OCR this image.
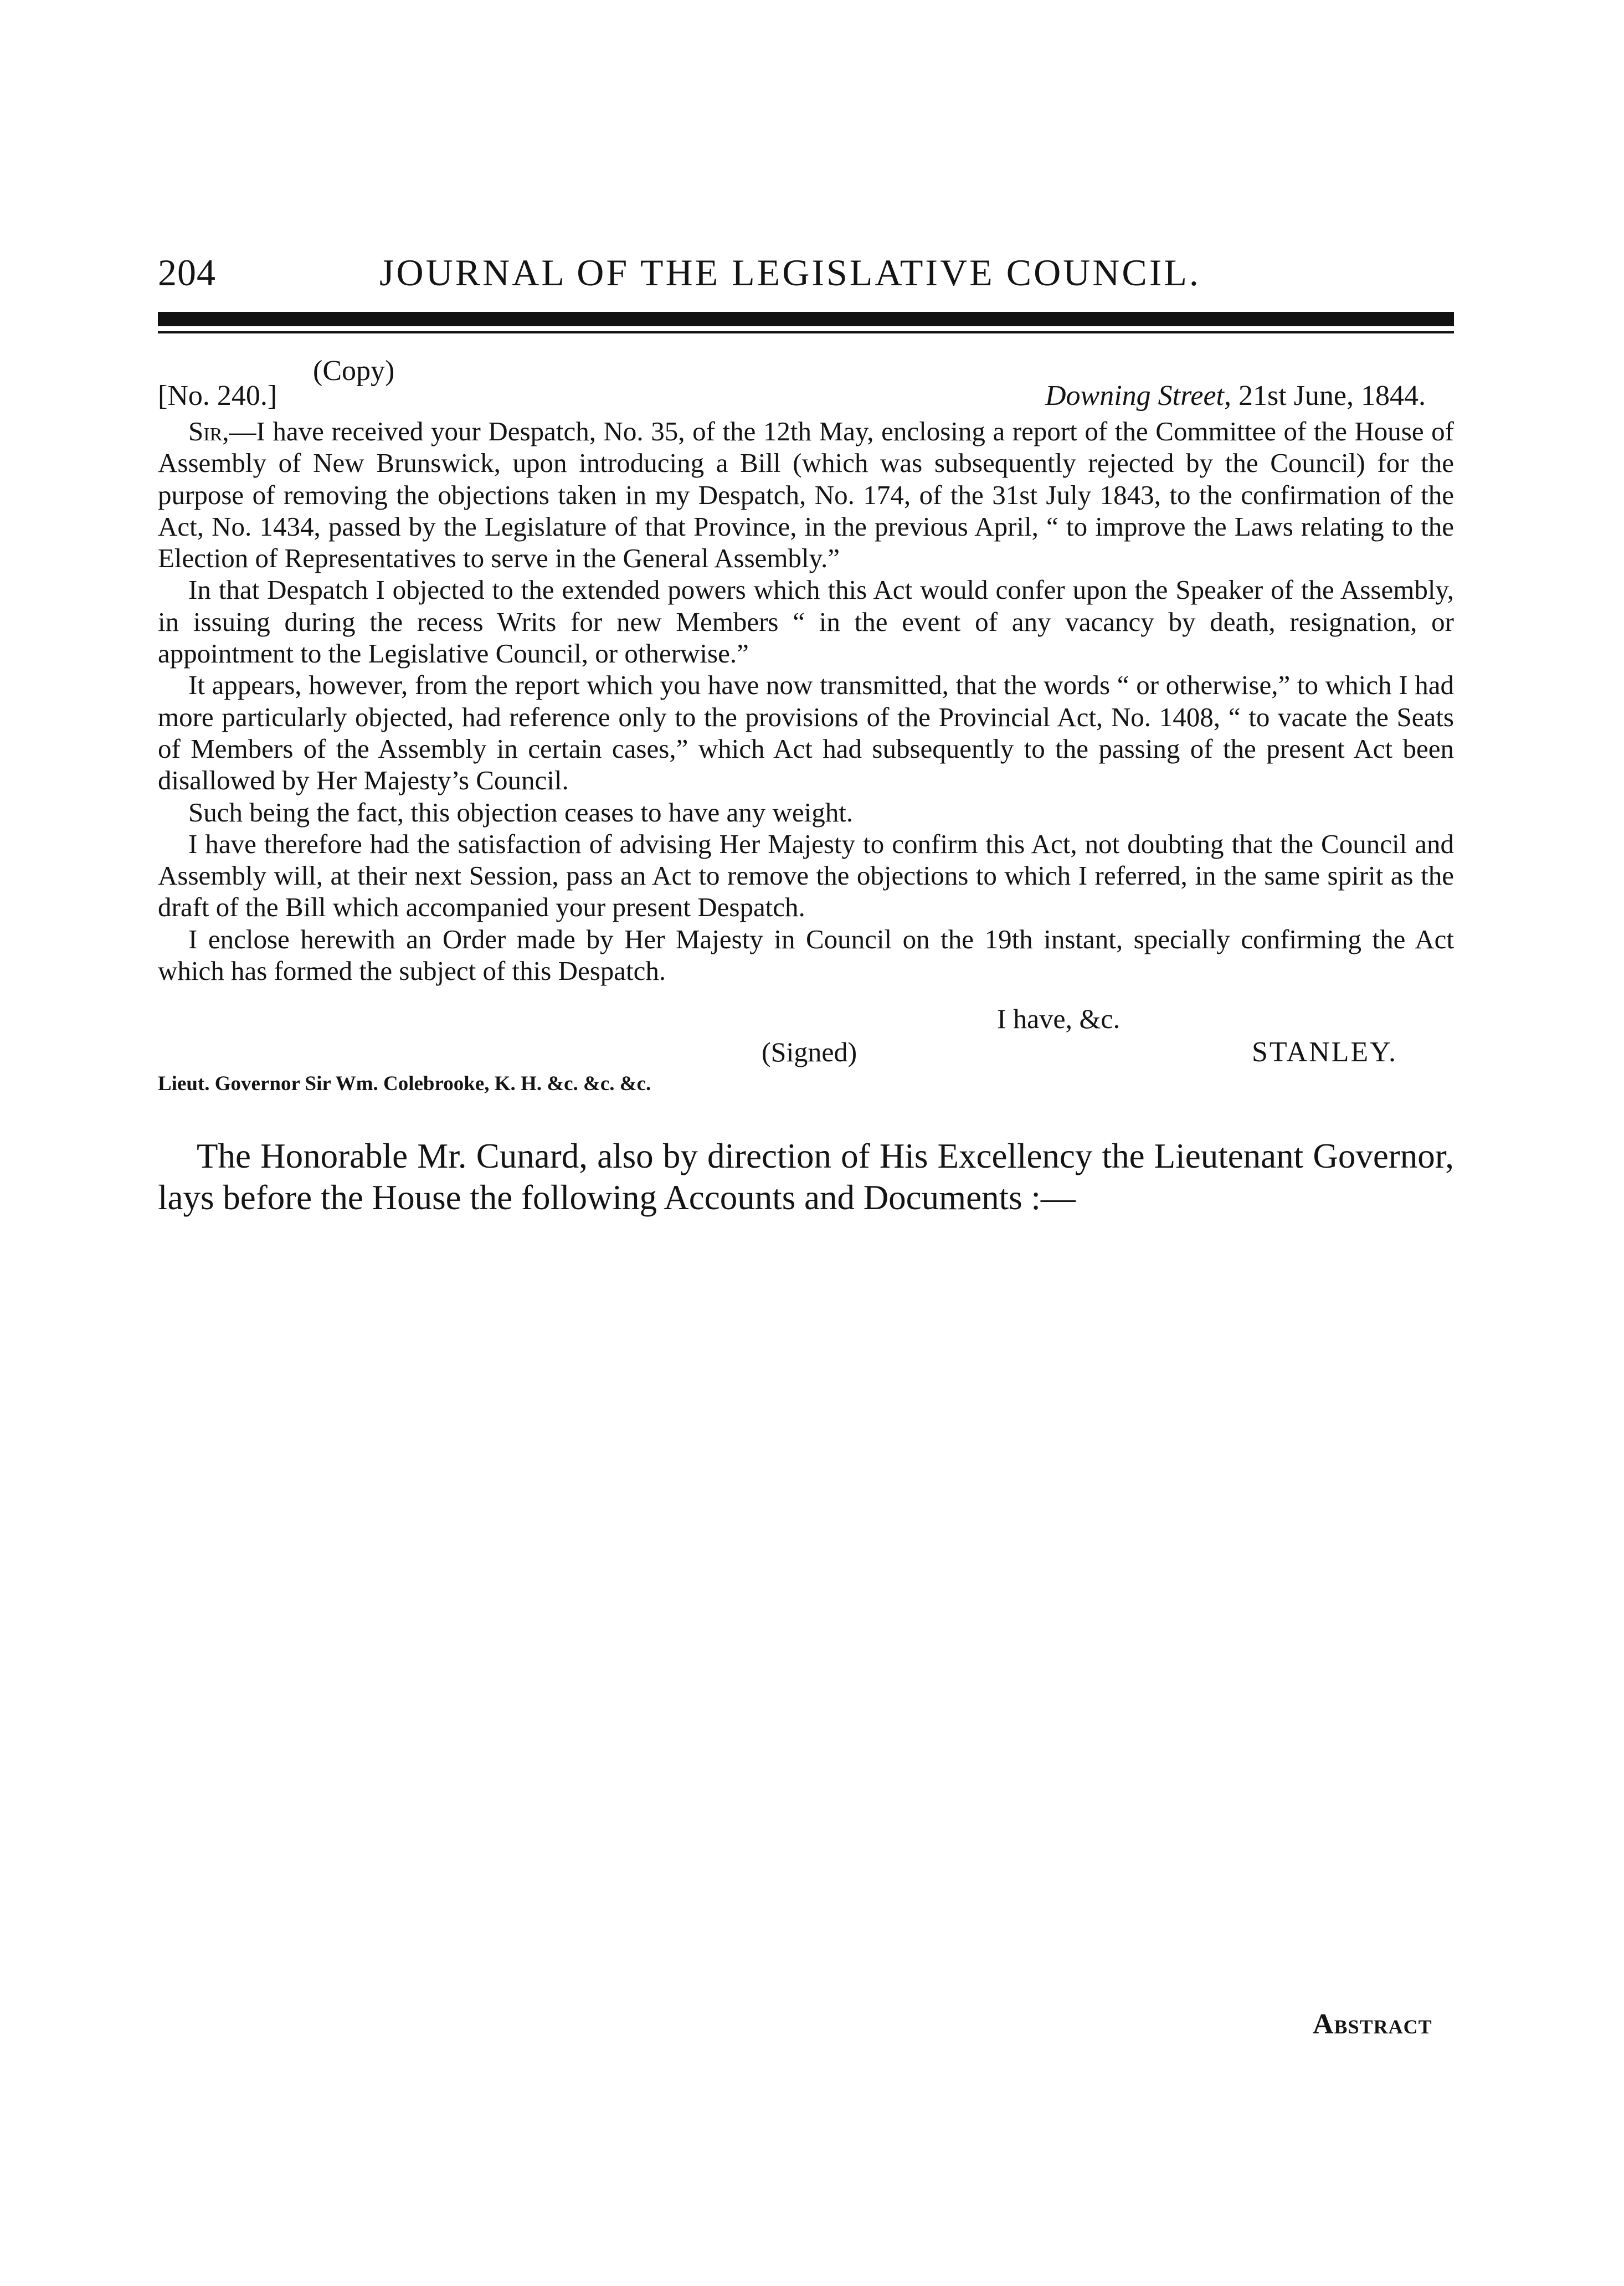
204	JOURNAL OF THE LEGISLATIVE COUNCIL.
(Copy)
[No. 240.]	Downing Street, 21st June, 1844.

Sir,—I have received your Despatch, No. 35, of the 12th May, enclosing a report of the Committee of the House of Assembly of New Brunswick, upon introducing a Bill (which was subsequently rejected by the Council) for the purpose of removing the objections taken in my Despatch, No. 174, of the 31st July 1843, to the confirmation of the Act, No. 1434, passed by the Legislature of that Province, in the previous April, “ to improve the Laws relating to the Election of Representatives to serve in the General Assembly.”

In that Despatch I objected to the extended powers which this Act would confer upon the Speaker of the Assembly, in issuing during the recess Writs for new Members “ in the event of any vacancy by death, resignation, or appointment to the Legislative Council, or otherwise.”

It appears, however, from the report which you have now transmitted, that the words “ or otherwise,” to which I had more particularly objected, had reference only to the provisions of the Provincial Act, No. 1408, “ to vacate the Seats of Members of the Assembly in certain cases,” which Act had subsequently to the passing of the present Act been disallowed by Her Majesty’s Council.

Such being the fact, this objection ceases to have any weight.

I have therefore had the satisfaction of advising Her Majesty to confirm this Act, not doubting that the Council and Assembly will, at their next Session, pass an Act to remove the objections to which I referred, in the same spirit as the draft of the Bill which accompanied your present Despatch.

I enclose herewith an Order made by Her Majesty in Council on the 19th instant, specially confirming the Act which has formed the subject of this Despatch.

I have, &c.
(Signed)	STANLEY.
Lieut. Governor Sir Wm. Colebrooke, K. H. &c. &c. &c.

The Honorable Mr. Cunard, also by direction of His Excellency the Lieutenant Governor, lays before the House the following Accounts and Documents :—

Abstract
